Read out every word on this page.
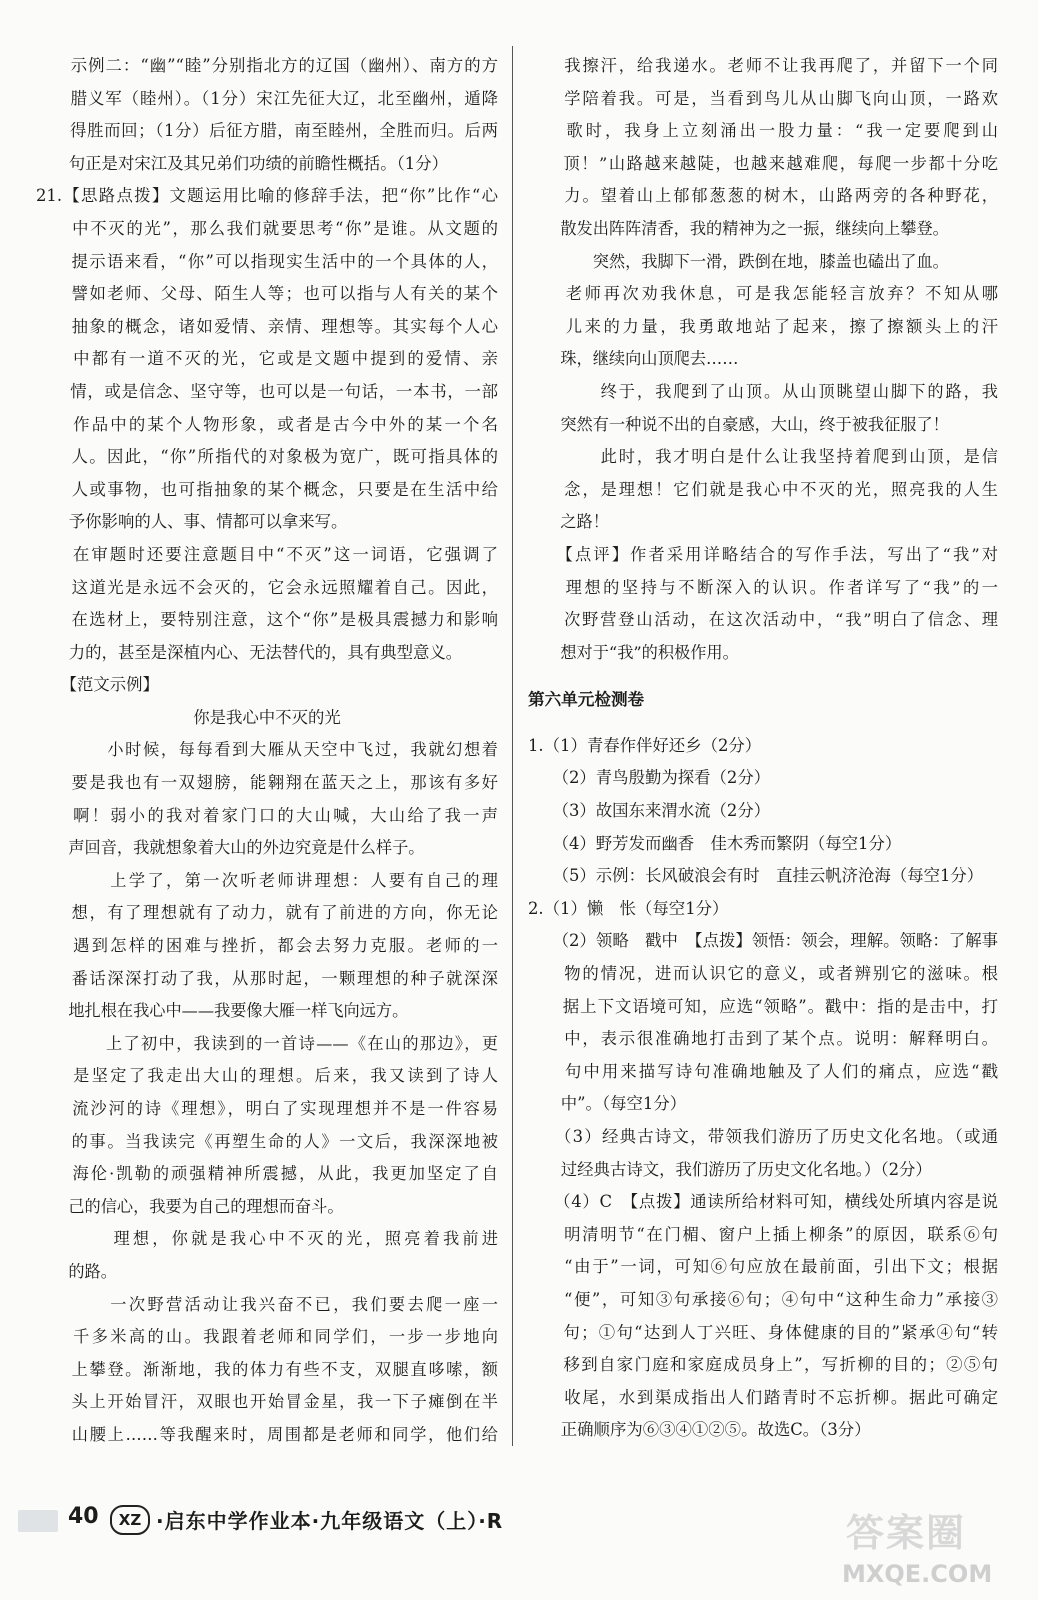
　　示例二：“幽”“睦”分别指北方的辽国（幽州）、南方的方
　　腊义军（睦州）。（1分）宋江先征大辽，北至幽州，遁降
　　得胜而回；（1分）后征方腊，南至睦州，全胜而归。后两
　　句正是对宋江及其兄弟们功绩的前瞻性概括。（1分）
21.【思路点拨】文题运用比喻的修辞手法，把“你”比作“心
　　中不灭的光”，那么我们就要思考“你”是谁。从文题的
　　提示语来看，“你”可以指现实生活中的一个具体的人，
　　譬如老师、父母、陌生人等；也可以指与人有关的某个
　　抽象的概念，诸如爱情、亲情、理想等。其实每个人心
　　中都有一道不灭的光，它或是文题中提到的爱情、亲
　　情，或是信念、坚守等，也可以是一句话，一本书，一部
　　作品中的某个人物形象，或者是古今中外的某一个名
　　人。因此，“你”所指代的对象极为宽广，既可指具体的
　　人或事物，也可指抽象的某个概念，只要是在生活中给
　　予你影响的人、事、情都可以拿来写。
　　在审题时还要注意题目中“不灭”这一词语，它强调了
　　这道光是永远不会灭的，它会永远照耀着自己。因此，
　　在选材上，要特别注意，这个“你”是极具震撼力和影响
　　力的，甚至是深植内心、无法替代的，具有典型意义。
　　【范文示例】
你是我心中不灭的光
　　　　小时候，每每看到大雁从天空中飞过，我就幻想着
　　要是我也有一双翅膀，能翱翔在蓝天之上，那该有多好
　　啊！弱小的我对着家门口的大山喊，大山给了我一声
　　声回音，我就想象着大山的外边究竟是什么样子。
　　　　上学了，第一次听老师讲理想：人要有自己的理
　　想，有了理想就有了动力，就有了前进的方向，你无论
　　遇到怎样的困难与挫折，都会去努力克服。老师的一
　　番话深深打动了我，从那时起，一颗理想的种子就深深
　　地扎根在我心中——我要像大雁一样飞向远方。
　　　　上了初中，我读到的一首诗——《在山的那边》，更
　　是坚定了我走出大山的理想。后来，我又读到了诗人
　　流沙河的诗《理想》，明白了实现理想并不是一件容易
　　的事。当我读完《再塑生命的人》一文后，我深深地被
　　海伦·凯勒的顽强精神所震撼，从此，我更加坚定了自
　　己的信心，我要为自己的理想而奋斗。
　　　　理想，你就是我心中不灭的光，照亮着我前进
　　的路。
　　　　一次野营活动让我兴奋不已，我们要去爬一座一
　　千多米高的山。我跟着老师和同学们，一步一步地向
　　上攀登。渐渐地，我的体力有些不支，双腿直哆嗦，额
　　头上开始冒汗，双眼也开始冒金星，我一下子瘫倒在半
　　山腰上……等我醒来时，周围都是老师和同学，他们给
　　我擦汗，给我递水。老师不让我再爬了，并留下一个同
　　学陪着我。可是，当看到鸟儿从山脚飞向山顶，一路欢
　　歌时，我身上立刻涌出一股力量：“我一定要爬到山
　　顶！”山路越来越陡，也越来越难爬，每爬一步都十分吃
　　力。望着山上郁郁葱葱的树木，山路两旁的各种野花，
　　散发出阵阵清香，我的精神为之一振，继续向上攀登。
　　　　突然，我脚下一滑，跌倒在地，膝盖也磕出了血。
　　老师再次劝我休息，可是我怎能轻言放弃？不知从哪
　　儿来的力量，我勇敢地站了起来，擦了擦额头上的汗
　　珠，继续向山顶爬去……
　　　　终于，我爬到了山顶。从山顶眺望山脚下的路，我
　　突然有一种说不出的自豪感，大山，终于被我征服了！
　　　　此时，我才明白是什么让我坚持着爬到山顶，是信
　　念，是理想！它们就是我心中不灭的光，照亮我的人生
　　之路！
　　【点评】作者采用详略结合的写作手法，写出了“我”对
　　理想的坚持与不断深入的认识。作者详写了“我”的一
　　次野营登山活动，在这次活动中，“我”明白了信念、理
　　想对于“我”的积极作用。
第六单元检测卷
1.（1）青春作伴好还乡（2分）
　　（2）青鸟殷勤为探看（2分）
　　（3）故国东来渭水流（2分）
　　（4）野芳发而幽香　佳木秀而繁阴（每空1分）
　　（5）示例：长风破浪会有时　直挂云帆济沧海（每空1分）
2.（1）懒　怅（每空1分）
　　（2）领略　戳中　【点拨】领悟：领会，理解。领略：了解事
　　物的情况，进而认识它的意义，或者辨别它的滋味。根
　　据上下文语境可知，应选“领略”。戳中：指的是击中，打
　　中，表示很准确地打击到了某个点。说明：解释明白。
　　句中用来描写诗句准确地触及了人们的痛点，应选“戳
　　中”。（每空1分）
　　（3）经典古诗文，带领我们游历了历史文化名地。（或通
　　过经典古诗文，我们游历了历史文化名地。）（2分）
　　（4）C　【点拨】通读所给材料可知，横线处所填内容是说
　　明清明节“在门楣、窗户上插上柳条”的原因，联系⑥句
　　“由于”一词，可知⑥句应放在最前面，引出下文；根据
　　“便”，可知③句承接⑥句；④句中“这种生命力”承接③
　　句；①句“达到人丁兴旺、身体健康的目的”紧承④句“转
　　移到自家门庭和家庭成员身上”，写折柳的目的；②⑤句
　　收尾，水到渠成指出人们踏青时不忘折柳。据此可确定
　　正确顺序为⑥③④①②⑤。故选C。（3分）
40	XZ ·启东中学作业本·九年级语文（上）·R	答案圈
MXQE.COM
